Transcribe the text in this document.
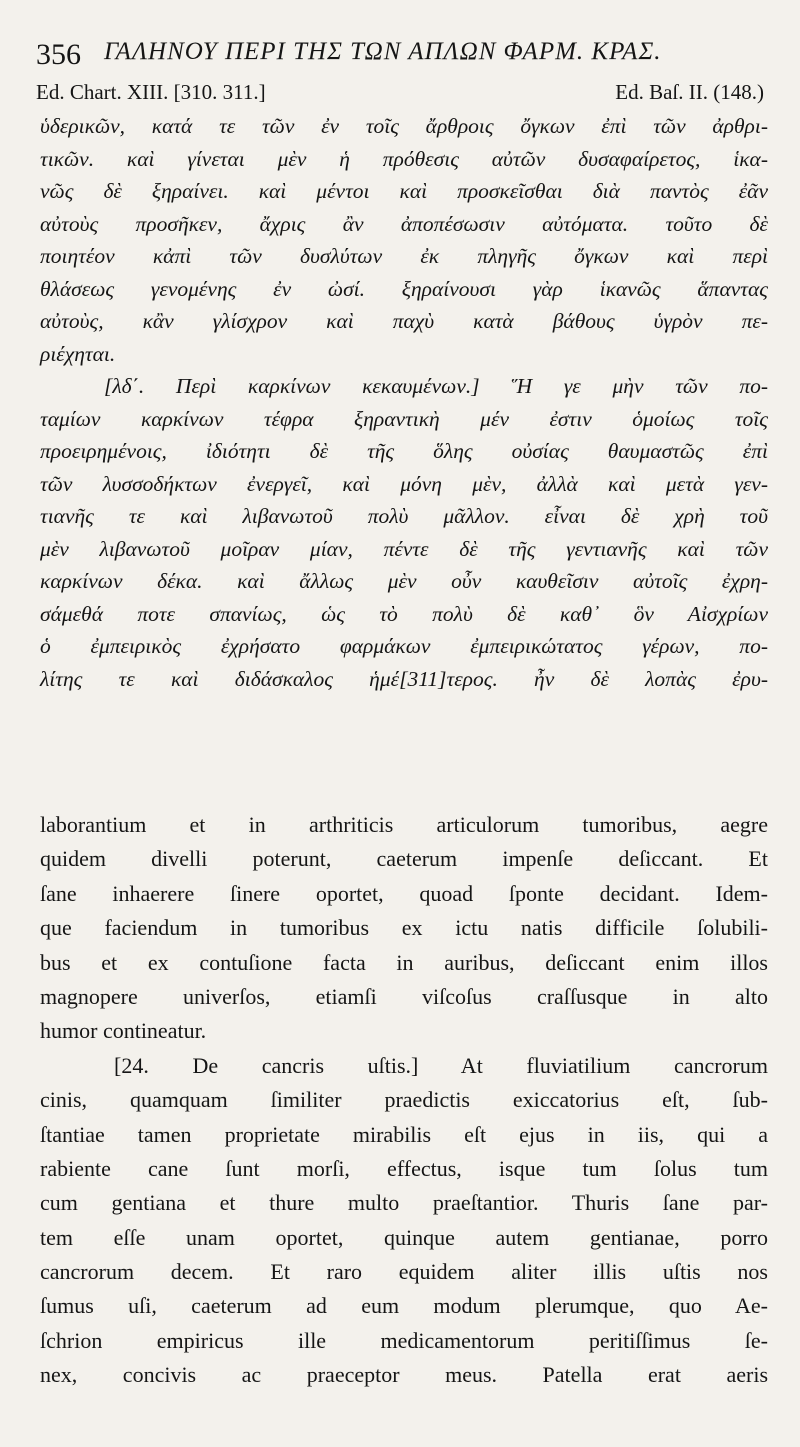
356 ΓΑΛΗΝΟΥ ΠΕΡΙ ΤΗΣ ΤΩΝ ΑΠΛΩΝ ΦΑΡΜ. ΚΡΑΣ.
Ed. Chart. XIII. [310. 311.]	Ed. Baſ. II. (148.)
ὑδερικῶν, κατά τε τῶν ἐν τοῖς ἄρθροις ὄγκων ἐπὶ τῶν ἀρθρι-
τικῶν. καὶ γίνεται μὲν ἡ πρόθεσις αὐτῶν δυσαφαίρετος, ἱκα-
νῶς δὲ ξηραίνει. καὶ μέντοι καὶ προσκεῖσθαι διὰ παντὸς ἐᾶν
αὐτοὺς προσῆκεν, ἄχρις ἂν ἀποπέσωσιν αὐτόματα. τοῦτο δὲ
ποιητέον κἀπὶ τῶν δυσλύτων ἐκ πληγῆς ὄγκων καὶ περὶ
θλάσεως γενομένης ἐν ὠσί. ξηραίνουσι γὰρ ἱκανῶς ἅπαντας
αὐτοὺς, κἂν γλίσχρον καὶ παχὺ κατὰ βάθους ὑγρὸν πε-
ριέχηται.
[λδ΄. Περὶ καρκίνων κεκαυμένων.] Ἥ γε μὴν τῶν πο-
ταμίων καρκίνων τέφρα ξηραντικὴ μέν ἐστιν ὁμοίως τοῖς
προειρημένοις, ἰδιότητι δὲ τῆς ὅλης οὐσίας θαυμαστῶς ἐπὶ
τῶν λυσσοδήκτων ἐνεργεῖ, καὶ μόνη μὲν, ἀλλὰ καὶ μετὰ γεν-
τιανῆς τε καὶ λιβανωτοῦ πολὺ μᾶλλον. εἶναι δὲ χρὴ τοῦ
μὲν λιβανωτοῦ μοῖραν μίαν, πέντε δὲ τῆς γεντιανῆς καὶ τῶν
καρκίνων δέκα. καὶ ἄλλως μὲν οὖν καυθεῖσιν αὐτοῖς ἐχρη-
σάμεθά ποτε σπανίως, ὡς τὸ πολὺ δὲ καθ᾽ ὃν Αἰσχρίων
ὁ ἐμπειρικὸς ἐχρήσατο φαρμάκων ἐμπειρικώτατος γέρων, πο-
λίτης τε καὶ διδάσκαλος ἡμέ[311]τερος. ἦν δὲ λοπὰς ἐρυ-
laborantium et in arthriticis articulorum tumoribus, aegre
quidem divelli poterunt, caeterum impenſe deſiccant. Et
ſane inhaerere ſinere oportet, quoad ſponte decidant. Idem-
que faciendum in tumoribus ex ictu natis difficile ſolubili-
bus et ex contuſione facta in auribus, deſiccant enim illos
magnopere univerſos, etiamſi viſcoſus craſſusque in alto
humor contineatur.
[24. De cancris uſtis.] At fluviatilium cancrorum
cinis, quamquam ſimiliter praedictis exiccatorius eſt, ſub-
ſtantiae tamen proprietate mirabilis eſt ejus in iis, qui a
rabiente cane ſunt morſi, effectus, isque tum ſolus tum
cum gentiana et thure multo praeſtantior. Thuris ſane par-
tem eſſe unam oportet, quinque autem gentianae, porro
cancrorum decem. Et raro equidem aliter illis uſtis nos
ſumus uſi, caeterum ad eum modum plerumque, quo Ae-
ſchrion empiricus ille medicamentorum peritiſſimus ſe-
nex, concivis ac praeceptor meus. Patella erat aeris
